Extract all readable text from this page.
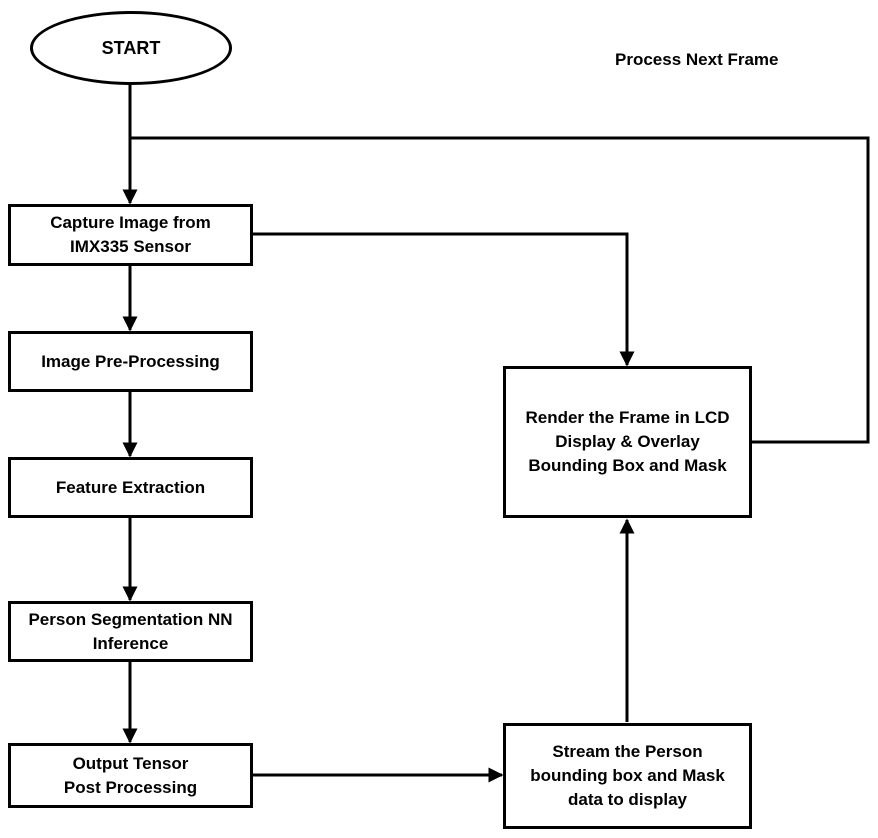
START
Process Next Frame
Capture Image from
IMX335 Sensor
Image Pre-Processing
Feature Extraction
Person Segmentation NN
Inference
Output Tensor
Post Processing
Stream the Person
bounding box and Mask
data to display
Render the Frame in LCD
Display & Overlay
Bounding Box and Mask
